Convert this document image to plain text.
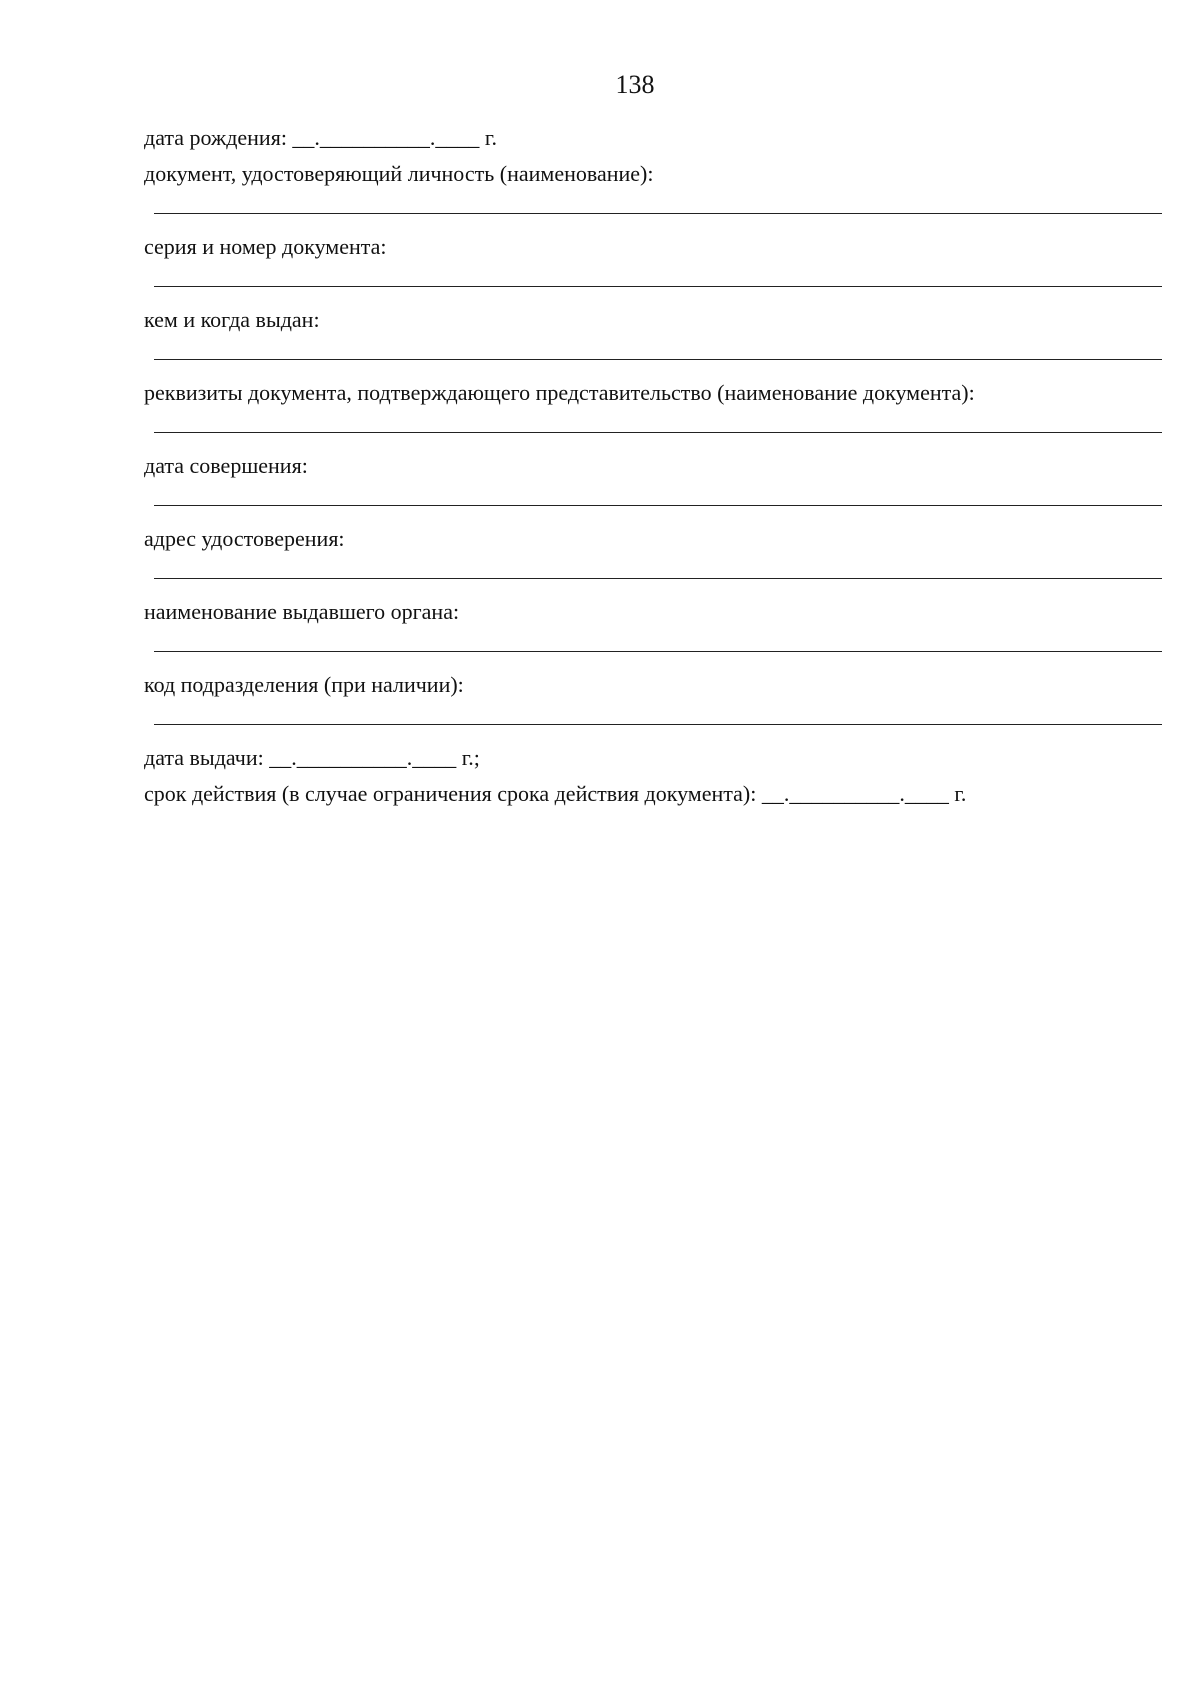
138
дата рождения: __.__________.____ г.
документ, удостоверяющий личность (наименование):
серия и номер документа:
кем и когда выдан:
реквизиты документа, подтверждающего представительство (наименование документа):
дата совершения:
адрес удостоверения:
наименование выдавшего органа:
код подразделения (при наличии):
дата выдачи: __.__________.____ г.;
срок действия (в случае ограничения срока действия документа): __.__________.____ г.
